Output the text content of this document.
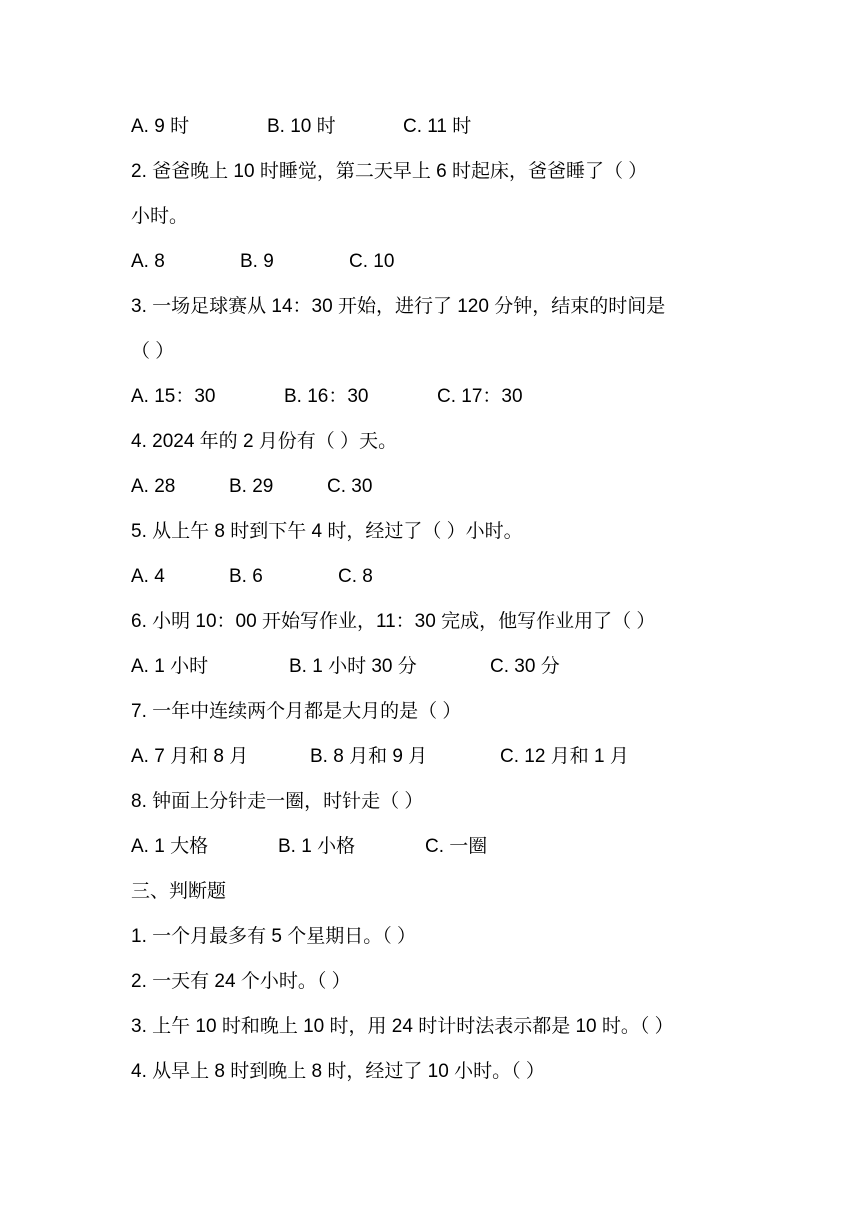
A. 9 时	B. 10 时	C. 11 时
2. 爸爸晚上 10 时睡觉，第二天早上 6 时起床，爸爸睡了（ ）
小时。
A. 8	B. 9	C. 10
3. 一场足球赛从 14：30 开始，进行了 120 分钟，结束的时间是
（ ）
A. 15：30	B. 16：30	C. 17：30
4. 2024 年的 2 月份有（ ）天。
A. 28	B. 29	C. 30
5. 从上午 8 时到下午 4 时，经过了（ ）小时。
A. 4	B. 6	C. 8
6. 小明 10：00 开始写作业，11：30 完成，他写作业用了（ ）
A. 1 小时	B. 1 小时 30 分	C. 30 分
7. 一年中连续两个月都是大月的是（ ）
A. 7 月和 8 月	B. 8 月和 9 月	C. 12 月和 1 月
8. 钟面上分针走一圈，时针走（ ）
A. 1 大格	B. 1 小格	C. 一圈
三、判断题
1. 一个月最多有 5 个星期日。（ ）
2. 一天有 24 个小时。（ ）
3. 上午 10 时和晚上 10 时，用 24 时计时法表示都是 10 时。（ ）
4. 从早上 8 时到晚上 8 时，经过了 10 小时。（ ）
